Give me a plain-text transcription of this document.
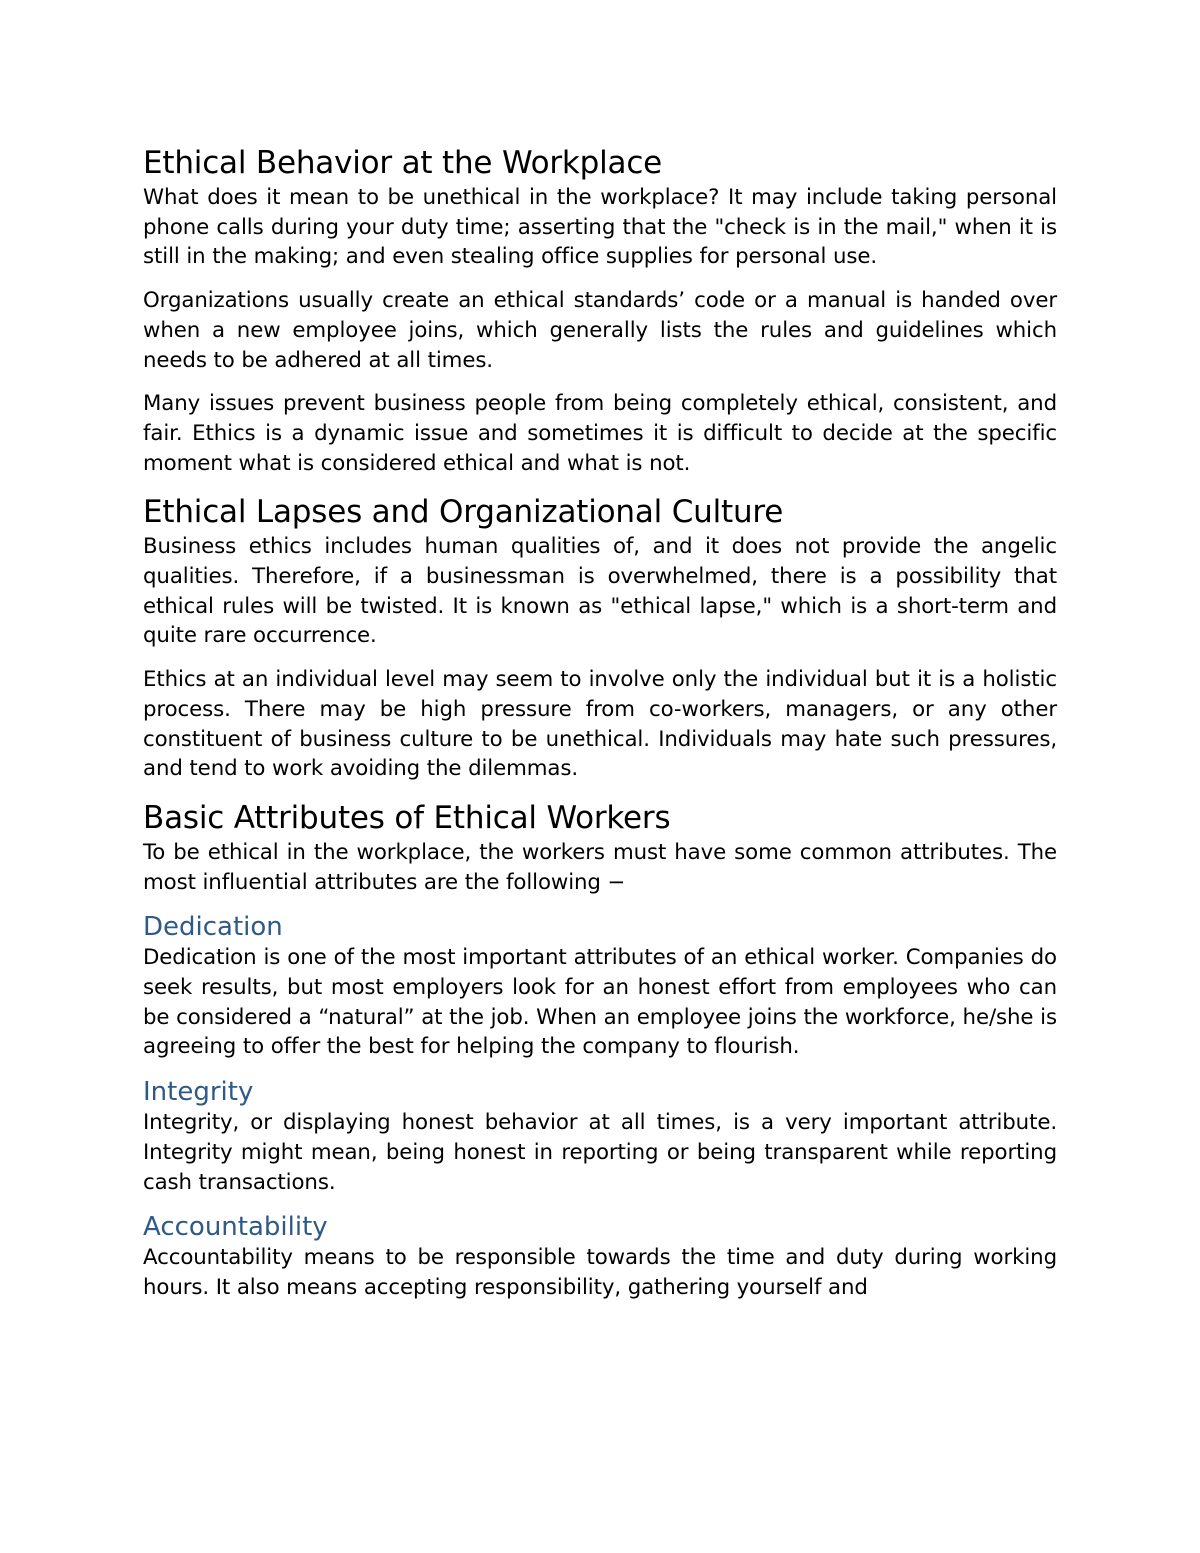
Ethical Behavior at the Workplace

What does it mean to be unethical in the workplace? It may include taking personal phone calls during your duty time; asserting that the "check is in the mail," when it is still in the making; and even stealing office supplies for personal use.

Organizations usually create an ethical standards’ code or a manual is handed over when a new employee joins, which generally lists the rules and guidelines which needs to be adhered at all times.

Many issues prevent business people from being completely ethical, consistent, and fair. Ethics is a dynamic issue and sometimes it is difficult to decide at the specific moment what is considered ethical and what is not.

Ethical Lapses and Organizational Culture

Business ethics includes human qualities of, and it does not provide the angelic qualities. Therefore, if a businessman is overwhelmed, there is a possibility that ethical rules will be twisted. It is known as "ethical lapse," which is a short-term and quite rare occurrence.

Ethics at an individual level may seem to involve only the individual but it is a holistic process. There may be high pressure from co-workers, managers, or any other constituent of business culture to be unethical. Individuals may hate such pressures, and tend to work avoiding the dilemmas.

Basic Attributes of Ethical Workers

To be ethical in the workplace, the workers must have some common attributes. The most influential attributes are the following −

Dedication

Dedication is one of the most important attributes of an ethical worker. Companies do seek results, but most employers look for an honest effort from employees who can be considered a “natural” at the job. When an employee joins the workforce, he/she is agreeing to offer the best for helping the company to flourish.

Integrity

Integrity, or displaying honest behavior at all times, is a very important attribute. Integrity might mean, being honest in reporting or being transparent while reporting cash transactions.

Accountability

Accountability means to be responsible towards the time and duty during working hours. It also means accepting responsibility, gathering yourself and
